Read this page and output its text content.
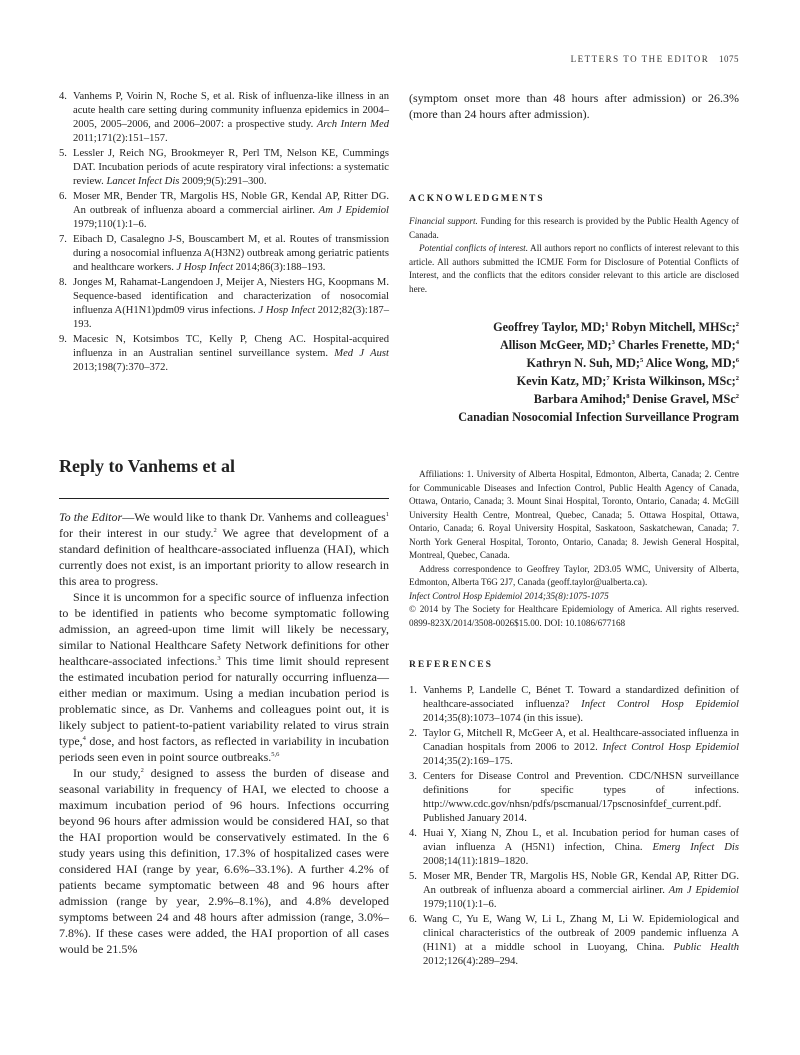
LETTERS TO THE EDITOR 1075
4. Vanhems P, Voirin N, Roche S, et al. Risk of influenza-like illness in an acute health care setting during community influenza epidemics in 2004–2005, 2005–2006, and 2006–2007: a prospective study. Arch Intern Med 2011;171(2):151–157.
5. Lessler J, Reich NG, Brookmeyer R, Perl TM, Nelson KE, Cummings DAT. Incubation periods of acute respiratory viral infections: a systematic review. Lancet Infect Dis 2009;9(5):291–300.
6. Moser MR, Bender TR, Margolis HS, Noble GR, Kendal AP, Ritter DG. An outbreak of influenza aboard a commercial airliner. Am J Epidemiol 1979;110(1):1–6.
7. Eibach D, Casalegno J-S, Bouscambert M, et al. Routes of transmission during a nosocomial influenza A(H3N2) outbreak among geriatric patients and healthcare workers. J Hosp Infect 2014;86(3):188–193.
8. Jonges M, Rahamat-Langendoen J, Meijer A, Niesters HG, Koopmans M. Sequence-based identification and characterization of nosocomial influenza A(H1N1)pdm09 virus infections. J Hosp Infect 2012;82(3):187–193.
9. Macesic N, Kotsimbos TC, Kelly P, Cheng AC. Hospital-acquired influenza in an Australian sentinel surveillance system. Med J Aust 2013;198(7):370–372.
Reply to Vanhems et al

To the Editor—We would like to thank Dr. Vanhems and colleagues$^1$ for their interest in our study.$^2$ We agree that development of a standard definition of healthcare-associated influenza (HAI), which currently does not exist, is an important priority to allow research in this area to progress.

Since it is uncommon for a specific source of influenza infection to be identified in patients who become symptomatic following admission, an agreed-upon time limit will likely be necessary, similar to National Healthcare Safety Network definitions for other healthcare-associated infections.$^3$ This time limit should represent the estimated incubation period for naturally occurring influenza—either median or maximum. Using a median incubation period is problematic since, as Dr. Vanhems and colleagues point out, it is likely subject to patient-to-patient variability related to virus strain type,$^4$ dose, and host factors, as reflected in variability in incubation periods seen even in point source outbreaks.$^{5,6}$

In our study,$^2$ designed to assess the burden of disease and seasonal variability in frequency of HAI, we elected to choose a maximum incubation period of 96 hours. Infections occurring beyond 96 hours after admission would be considered HAI, so that the HAI proportion would be conservatively estimated. In the 6 study years using this definition, 17.3% of hospitalized cases were considered HAI (range by year, 6.6%–33.1%). A further 4.2% of patients became symptomatic between 48 and 96 hours after admission (range by year, 2.9%–8.1%), and 4.8% developed symptoms between 24 and 48 hours after admission (range, 3.0%–7.8%). If these cases were added, the HAI proportion of all cases would be 21.5%

(symptom onset more than 48 hours after admission) or 26.3% (more than 24 hours after admission).

ACKNOWLEDGMENTS

Financial support. Funding for this research is provided by the Public Health Agency of Canada.

Potential conflicts of interest. All authors report no conflicts of interest relevant to this article. All authors submitted the ICMJE Form for Disclosure of Potential Conflicts of Interest, and the conflicts that the editors consider relevant to this article are disclosed here.

Geoffrey Taylor, MD;$^1$ Robyn Mitchell, MHSc;$^2$
Allison McGeer, MD;$^3$ Charles Frenette, MD;$^4$
Kathryn N. Suh, MD;$^5$ Alice Wong, MD;$^6$
Kevin Katz, MD;$^7$ Krista Wilkinson, MSc;$^2$
Barbara Amihod;$^8$ Denise Gravel, MSc$^2$
Canadian Nosocomial Infection Surveillance Program

Affiliations: 1. University of Alberta Hospital, Edmonton, Alberta, Canada; 2. Centre for Communicable Diseases and Infection Control, Public Health Agency of Canada, Ottawa, Ontario, Canada; 3. Mount Sinai Hospital, Toronto, Ontario, Canada; 4. McGill University Health Centre, Montreal, Quebec, Canada; 5. Ottawa Hospital, Ottawa, Ontario, Canada; 6. Royal University Hospital, Saskatoon, Saskatchewan, Canada; 7. North York General Hospital, Toronto, Ontario, Canada; 8. Jewish General Hospital, Montreal, Quebec, Canada.

Address correspondence to Geoffrey Taylor, 2D3.05 WMC, University of Alberta, Edmonton, Alberta T6G 2J7, Canada (geoff.taylor@ualberta.ca).

Infect Control Hosp Epidemiol 2014;35(8):1075-1075

© 2014 by The Society for Healthcare Epidemiology of America. All rights reserved. 0899-823X/2014/3508-0026$15.00. DOI: 10.1086/677168

REFERENCES
1. Vanhems P, Landelle C, Bénet T. Toward a standardized definition of healthcare-associated influenza? Infect Control Hosp Epidemiol 2014;35(8):1073–1074 (in this issue).
2. Taylor G, Mitchell R, McGeer A, et al. Healthcare-associated influenza in Canadian hospitals from 2006 to 2012. Infect Control Hosp Epidemiol 2014;35(2):169–175.
3. Centers for Disease Control and Prevention. CDC/NHSN surveillance definitions for specific types of infections. http://www.cdc.gov/nhsn/pdfs/pscmanual/17pscnosinfdef_current.pdf. Published January 2014.
4. Huai Y, Xiang N, Zhou L, et al. Incubation period for human cases of avian influenza A (H5N1) infection, China. Emerg Infect Dis 2008;14(11):1819–1820.
5. Moser MR, Bender TR, Margolis HS, Noble GR, Kendal AP, Ritter DG. An outbreak of influenza aboard a commercial airliner. Am J Epidemiol 1979;110(1):1–6.
6. Wang C, Yu E, Wang W, Li L, Zhang M, Li W. Epidemiological and clinical characteristics of the outbreak of 2009 pandemic influenza A (H1N1) at a middle school in Luoyang, China. Public Health 2012;126(4):289–294.
